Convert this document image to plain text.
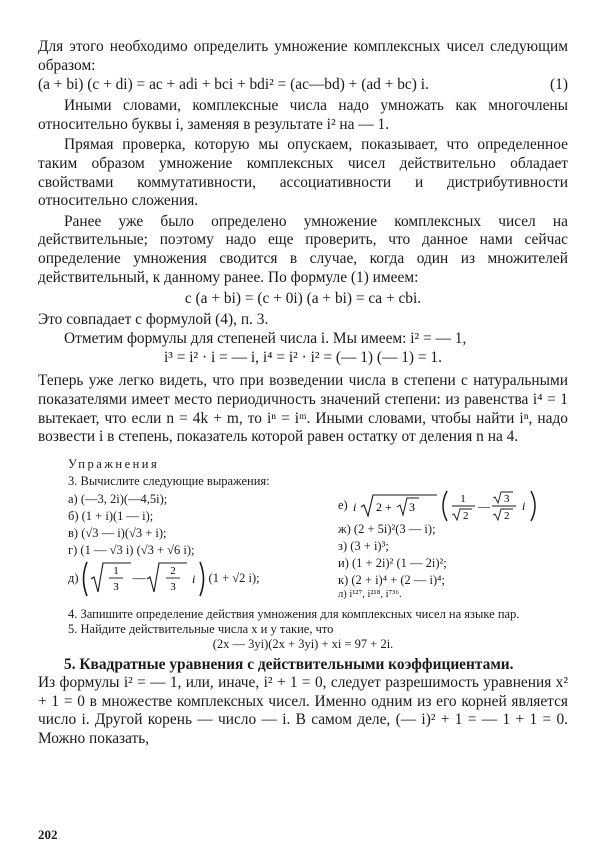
Для этого необходимо определить умножение комплексных чисел следующим образом:

(a + bi) (c + di) = ac + adi + bci + bdi² = (ac—bd) + (ad + bc) i.	(1)

Иными словами, комплексные числа надо умножать как многочлены относительно буквы i, заменяя в результате i² на — 1.

Прямая проверка, которую мы опускаем, показывает, что определенное таким образом умножение комплексных чисел действительно обладает свойствами коммутативности, ассоциативности и дистрибутивности относительно сложения.

Ранее уже было определено умножение комплексных чисел на действительные; поэтому надо еще проверить, что данное нами сейчас определение умножения сводится в случае, когда один из множителей действительный, к данному ранее. По формуле (1) имеем:

c (a + bi) = (c + 0i) (a + bi) = ca + cbi.

Это совпадает с формулой (4), п. 3.

Отметим формулы для степеней числа i. Мы имеем: i² = — 1,

i³ = i² · i = — i, i⁴ = i² · i² = (— 1) (— 1) = 1.

Теперь уже легко видеть, что при возведении числа в степени с натуральными показателями имеет место периодичность значений степени: из равенства i⁴ = 1 вытекает, что если n = 4k + m, то iⁿ = iᵐ. Иными словами, чтобы найти iⁿ, надо возвести i в степень, показатель которой равен остатку от деления n на 4.

Упражнения

3. Вычислите следующие выражения:

а) (—3, 2i)(—4,5i);
б) (1 + i)(1 — i);
в) (√3 — i)(√3 + i);
г) (1 — √3 i) (√3 + √6 i);
д)
1
3
— 2
3
i (1 + √2 i);
е)
i 2 + 3
1
2
— 3
2
i
ж) (2 + 5i)²(3 — i);
з) (3 + i)³;
и) (1 + 2i)² (1 — 2i)²;
к) (2 + i)⁴ + (2 — i)⁴;
л) i¹²⁷, i²¹⁸, i⁷³⁶.

4. Запишите определение действия умножения для комплексных чисел на языке пар.

5. Найдите действительные числа x и y такие, что

(2x — 3yi)(2x + 3yi) + xi = 97 + 2i.

5. Квадратные уравнения с действительными коэффициентами.

Из формулы i² = — 1, или, иначе, i² + 1 = 0, следует разрешимость уравнения x² + 1 = 0 в множестве комплексных чисел. Именно одним из его корней является число i. Другой корень — число — i. В самом деле, (— i)² + 1 = — 1 + 1 = 0. Можно показать,

202
